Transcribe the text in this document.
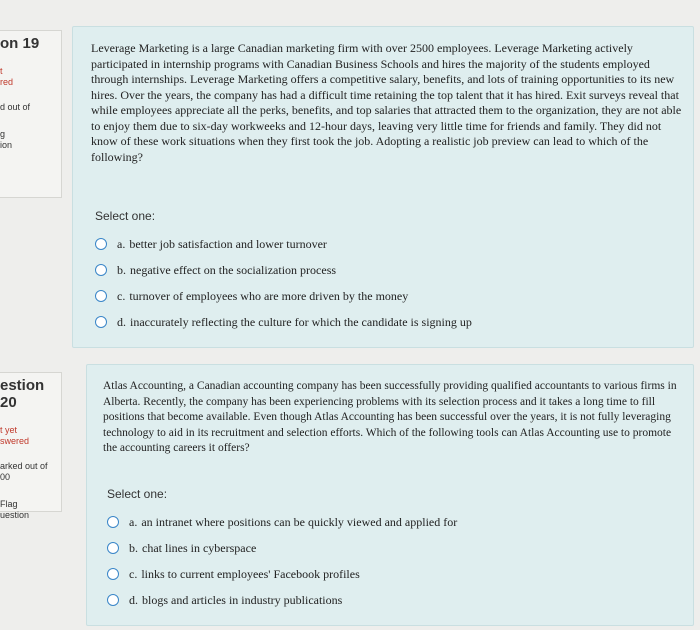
on 19
t
red
d out of
g
ion
Leverage Marketing is a large Canadian marketing firm with over 2500 employees. Leverage Marketing actively participated in internship programs with Canadian Business Schools and hires the majority of the students employed through internships. Leverage Marketing offers a competitive salary, benefits, and lots of training opportunities to its new hires. Over the years, the company has had a difficult time retaining the top talent that it has hired. Exit surveys reveal that while employees appreciate all the perks, benefits, and top salaries that attracted them to the organization, they are not able to enjoy them due to six-day workweeks and 12-hour days, leaving very little time for friends and family. They did not know of these work situations when they first took the job. Adopting a realistic job preview can lead to which of the following?
Select one:
a. better job satisfaction and lower turnover
b. negative effect on the socialization process
c. turnover of employees who are more driven by the money
d. inaccurately reflecting the culture for which the candidate is signing up
estion 20
t yet
swered
arked out of
00
Flag
uestion
Atlas Accounting, a Canadian accounting company has been successfully providing qualified accountants to various firms in Alberta. Recently, the company has been experiencing problems with its selection process and it takes a long time to fill positions that become available. Even though Atlas Accounting has been successful over the years, it is not fully leveraging technology to aid in its recruitment and selection efforts. Which of the following tools can Atlas Accounting use to promote the accounting careers it offers?
Select one:
a. an intranet where positions can be quickly viewed and applied for
b. chat lines in cyberspace
c. links to current employees' Facebook profiles
d. blogs and articles in industry publications
